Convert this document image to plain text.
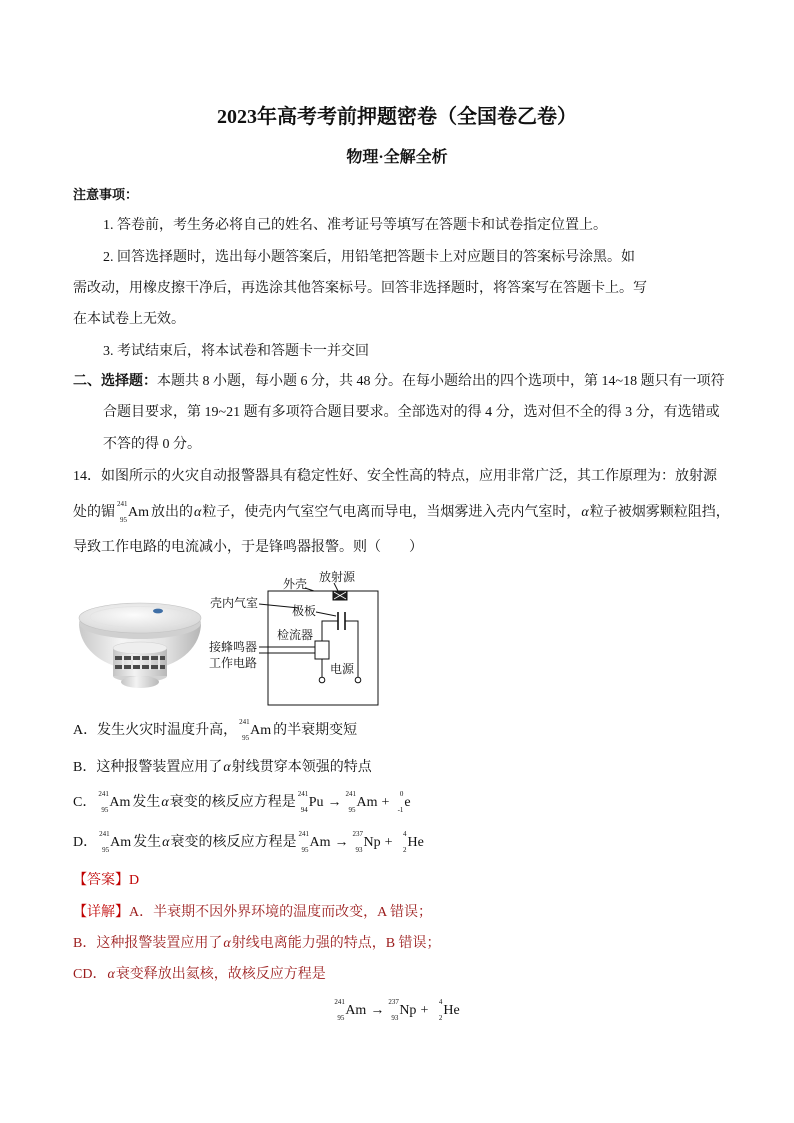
2023年高考考前押题密卷（全国卷乙卷）
物理·全解全析
注意事项：
1. 答卷前，考生务必将自己的姓名、准考证号等填写在答题卡和试卷指定位置上。
2. 回答选择题时，选出每小题答案后，用铅笔把答题卡上对应题目的答案标号涂黑。如
需改动，用橡皮擦干净后，再选涂其他答案标号。回答非选择题时，将答案写在答题卡上。写
在本试卷上无效。
3. 考试结束后，将本试卷和答题卡一并交回
二、选择题：本题共 8 小题，每小题 6 分，共 48 分。在每小题给出的四个选项中，第 14~18 题只有一项符
合题目要求，第 19~21 题有多项符合题目要求。全部选对的得 4 分，选对但不全的得 3 分，有选错或
不答的得 0 分。
14．如图所示的火灾自动报警器具有稳定性好、安全性高的特点，应用非常广泛，其工作原理为：放射源
处的镅
241
95 Am 放出的α粒子，使壳内气室空气电离而导电，当烟雾进入壳内气室时，α粒子被烟雾颗粒阻挡，
导致工作电路的电流减小，于是锋鸣器报警。则（　　）
外壳 放射源
壳内气室
极板
检流器
接蜂鸣器
工作电路	电源
A．发生火灾时温度升高，
241
95 Am 的半衰期变短
B．这种报警装置应用了α射线贯穿本领强的特点
C．
241
95 Am 发生α衰变的核反应方程是
241
94 Pu →
241
95 Am +
0
-1 e
D．
241
95 Am 发生α衰变的核反应方程是
241
95 Am →
237
93 Np +
4
2 He
【答案】D
【详解】A．半衰期不因外界环境的温度而改变，A 错误；
B．这种报警装置应用了α射线电离能力强的特点，B 错误；
CD．α衰变释放出氦核，故核反应方程是
241
95 Am →
237
93 Np +
4
2 He
